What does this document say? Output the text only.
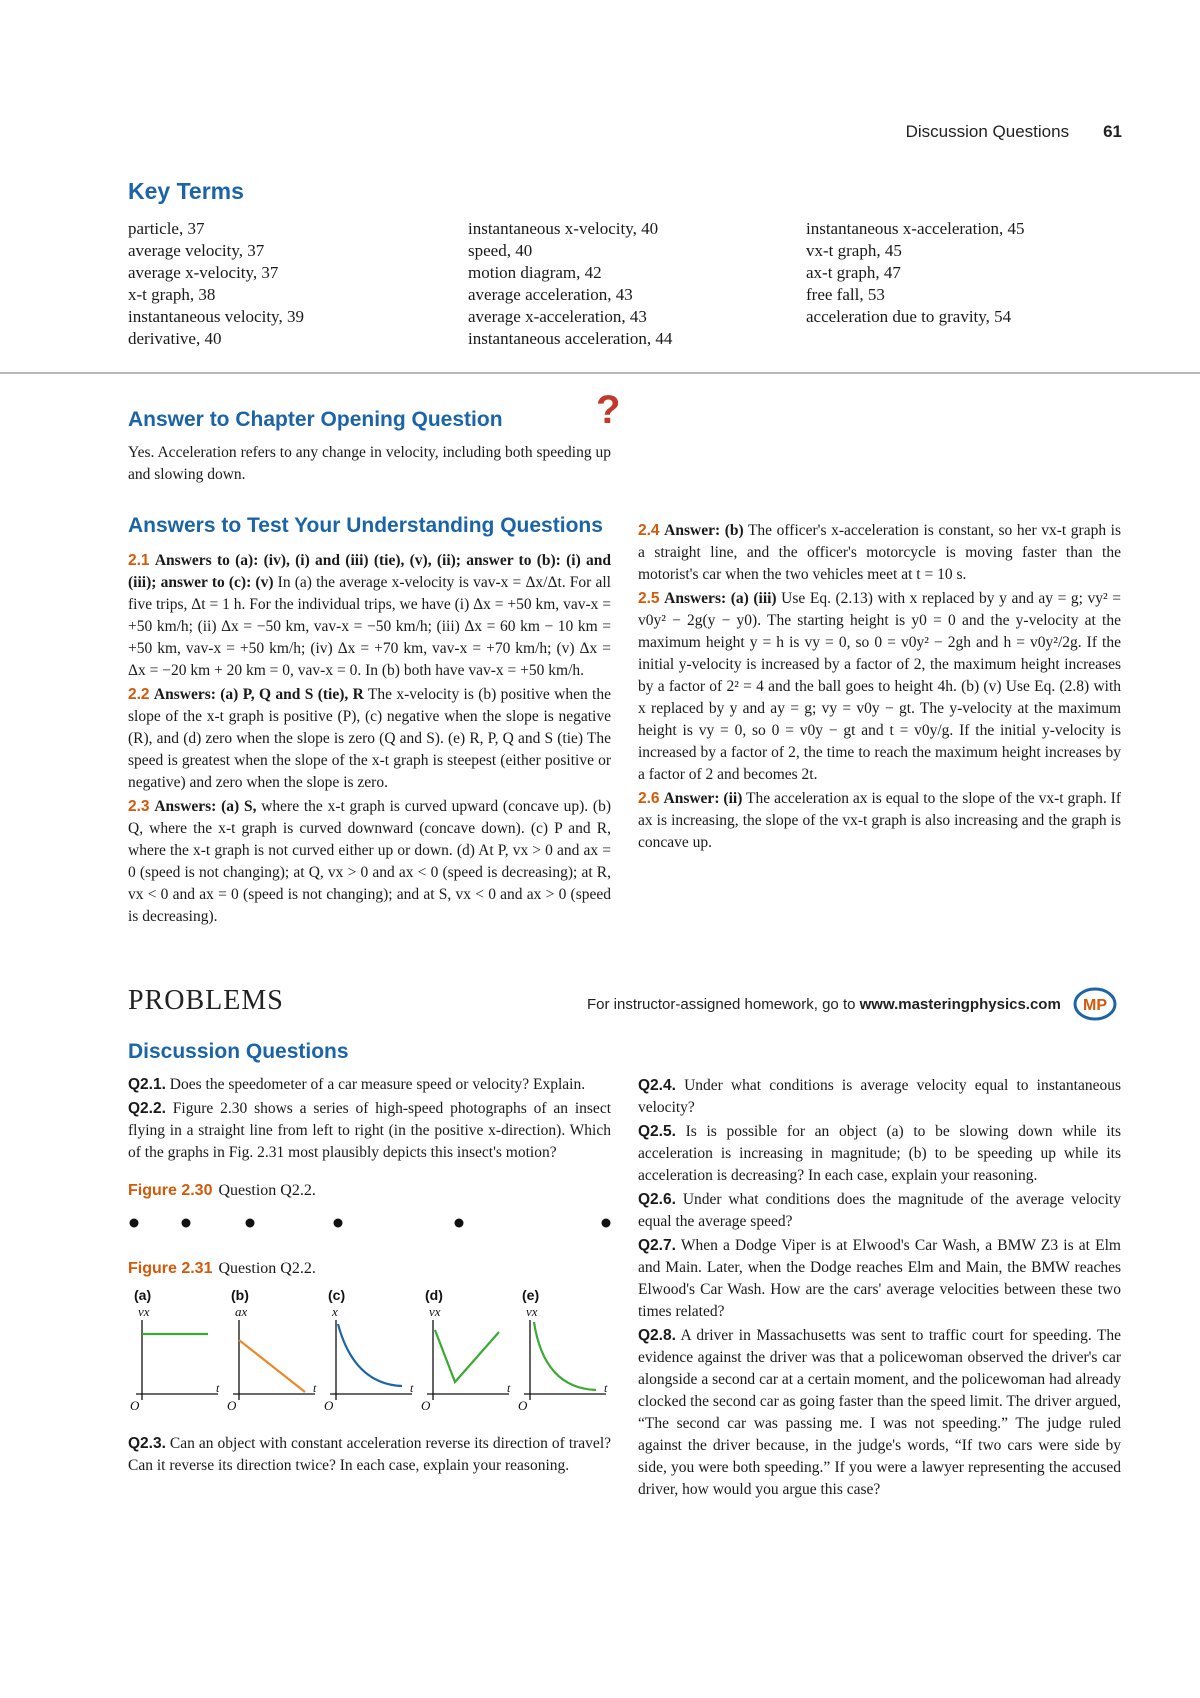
Discussion Questions 61
Key Terms
particle, 37
average velocity, 37
average x-velocity, 37
x-t graph, 38
instantaneous velocity, 39
derivative, 40
instantaneous x-velocity, 40
speed, 40
motion diagram, 42
average acceleration, 43
average x-acceleration, 43
instantaneous acceleration, 44
instantaneous x-acceleration, 45
vx-t graph, 45
ax-t graph, 47
free fall, 53
acceleration due to gravity, 54
Answer to Chapter Opening Question

Yes. Acceleration refers to any change in velocity, including both speeding up and slowing down.

Answers to Test Your Understanding Questions

2.1 Answers to (a): (iv), (i) and (iii) (tie), (v), (ii); answer to (b): (i) and (iii); answer to (c): (v) In (a) the average x-velocity is vav-x = Δx/Δt. For all five trips, Δt = 1 h. For the individual trips, we have (i) Δx = +50 km, vav-x = +50 km/h; (ii) Δx = −50 km, vav-x = −50 km/h; (iii) Δx = 60 km − 10 km = +50 km, vav-x = +50 km/h; (iv) Δx = +70 km, vav-x = +70 km/h; (v) Δx = Δx = −20 km + 20 km = 0, vav-x = 0. In (b) both have vav-x = +50 km/h.

2.2 Answers: (a) P, Q and S (tie), R The x-velocity is (b) positive when the slope of the x-t graph is positive (P), (c) negative when the slope is negative (R), and (d) zero when the slope is zero (Q and S). (e) R, P, Q and S (tie) The speed is greatest when the slope of the x-t graph is steepest (either positive or negative) and zero when the slope is zero.

2.3 Answers: (a) S, where the x-t graph is curved upward (concave up). (b) Q, where the x-t graph is curved downward (concave down). (c) P and R, where the x-t graph is not curved either up or down. (d) At P, vx > 0 and ax = 0 (speed is not changing); at Q, vx > 0 and ax < 0 (speed is decreasing); at R, vx < 0 and ax = 0 (speed is not changing); and at S, vx < 0 and ax > 0 (speed is decreasing).

?

2.4 Answer: (b) The officer's x-acceleration is constant, so her vx-t graph is a straight line, and the officer's motorcycle is moving faster than the motorist's car when the two vehicles meet at t = 10 s.

2.5 Answers: (a) (iii) Use Eq. (2.13) with x replaced by y and ay = g; vy² = v0y² − 2g(y − y0). The starting height is y0 = 0 and the y-velocity at the maximum height y = h is vy = 0, so 0 = v0y² − 2gh and h = v0y²/2g. If the initial y-velocity is increased by a factor of 2, the maximum height increases by a factor of 2² = 4 and the ball goes to height 4h. (b) (v) Use Eq. (2.8) with x replaced by y and ay = g; vy = v0y − gt. The y-velocity at the maximum height is vy = 0, so 0 = v0y − gt and t = v0y/g. If the initial y-velocity is increased by a factor of 2, the time to reach the maximum height increases by a factor of 2 and becomes 2t.

2.6 Answer: (ii) The acceleration ax is equal to the slope of the vx-t graph. If ax is increasing, the slope of the vx-t graph is also increasing and the graph is concave up.

PROBLEMS	For instructor-assigned homework, go to www.masteringphysics.com MP
Discussion Questions

Q2.1. Does the speedometer of a car measure speed or velocity? Explain.

Q2.2. Figure 2.30 shows a series of high-speed photographs of an insect flying in a straight line from left to right (in the positive x-direction). Which of the graphs in Fig. 2.31 most plausibly depicts this insect's motion?

Figure 2.30 Question Q2.2.
Figure 2.31 Question Q2.2.
(a)
vx
t
O
(b)
ax
t
O
(c)
x
t
O
(d)
vx
t
O
(e)
vx
t
O

Q2.3. Can an object with constant acceleration reverse its direction of travel? Can it reverse its direction twice? In each case, explain your reasoning.

Q2.4. Under what conditions is average velocity equal to instantaneous velocity?

Q2.5. Is is possible for an object (a) to be slowing down while its acceleration is increasing in magnitude; (b) to be speeding up while its acceleration is decreasing? In each case, explain your reasoning.

Q2.6. Under what conditions does the magnitude of the average velocity equal the average speed?

Q2.7. When a Dodge Viper is at Elwood's Car Wash, a BMW Z3 is at Elm and Main. Later, when the Dodge reaches Elm and Main, the BMW reaches Elwood's Car Wash. How are the cars' average velocities between these two times related?

Q2.8. A driver in Massachusetts was sent to traffic court for speeding. The evidence against the driver was that a policewoman observed the driver's car alongside a second car at a certain moment, and the policewoman had already clocked the second car as going faster than the speed limit. The driver argued, “The second car was passing me. I was not speeding.” The judge ruled against the driver because, in the judge's words, “If two cars were side by side, you were both speeding.” If you were a lawyer representing the accused driver, how would you argue this case?
